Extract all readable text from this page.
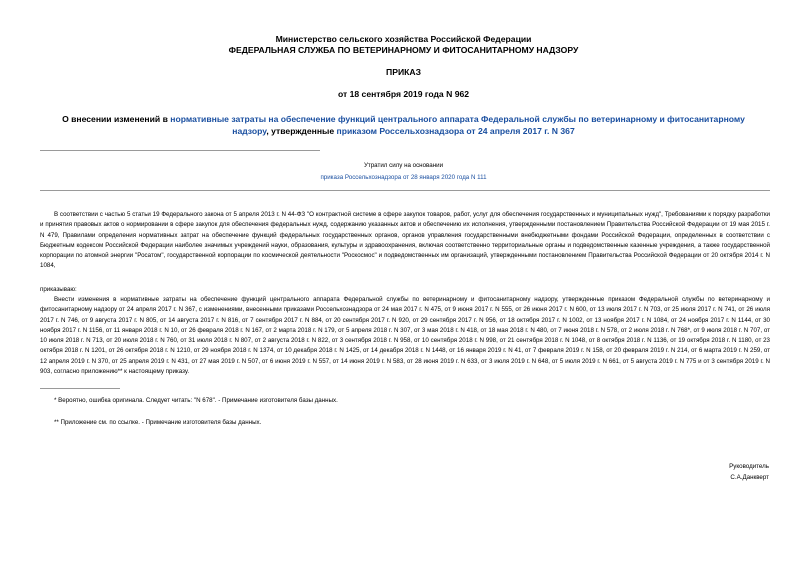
Министерство сельского хозяйства Российской Федерации
ФЕДЕРАЛЬНАЯ СЛУЖБА ПО ВЕТЕРИНАРНОМУ И ФИТОСАНИТАРНОМУ НАДЗОРУ
ПРИКАЗ
от 18 сентября 2019 года N 962
О внесении изменений в нормативные затраты на обеспечение функций центрального аппарата Федеральной службы по ветеринарному и фитосанитарному надзору, утвержденные приказом Россельхознадзора от 24 апреля 2017 г. N 367
Утратил силу на основании
приказа Россельхознадзора от 28 января 2020 года N 111
В соответствии с частью 5 статьи 19 Федерального закона от 5 апреля 2013 г. N 44-ФЗ "О контрактной системе в сфере закупок товаров, работ, услуг для обеспечения государственных и муниципальных нужд", Требованиями к порядку разработки и принятия правовых актов о нормировании в сфере закупок для обеспечения федеральных нужд, содержанию указанных актов и обеспечению их исполнения, утвержденными постановлением Правительства Российской Федерации от 19 мая 2015 г. N 479, Правилами определения нормативных затрат на обеспечение функций федеральных государственных органов, органов управления государственными внебюджетными фондами Российской Федерации, определенных в соответствии с Бюджетным кодексом Российской Федерации наиболее значимых учреждений науки, образования, культуры и здравоохранения, включая соответственно территориальные органы и подведомственные казенные учреждения, а также государственной корпорации по атомной энергии "Росатом", государственной корпорации по космической деятельности "Роскосмос" и подведомственных им организаций, утвержденными постановлением Правительства Российской Федерации от 20 октября 2014 г. N 1084,
приказываю:
Внести изменения в нормативные затраты на обеспечение функций центрального аппарата Федеральной службы по ветеринарному и фитосанитарному надзору, утвержденные приказом Федеральной службы по ветеринарному и фитосанитарному надзору от 24 апреля 2017 г. N 367, с изменениями, внесенными приказами Россельхознадзора от 24 мая 2017 г. N 475, от 9 июня 2017 г. N 555, от 26 июня 2017 г. N 600, от 13 июля 2017 г. N 703, от 25 июля 2017 г. N 741, от 26 июля 2017 г. N 746, от 9 августа 2017 г. N 805, от 14 августа 2017 г. N 816, от 7 сентября 2017 г. N 884, от 20 сентября 2017 г. N 920, от 29 сентября 2017 г. N 956, от 18 октября 2017 г. N 1002, от 13 ноября 2017 г. N 1084, от 24 ноября 2017 г. N 1144, от 30 ноября 2017 г. N 1156, от 11 января 2018 г. N 10, от 26 февраля 2018 г. N 167, от 2 марта 2018 г. N 179, от 5 апреля 2018 г. N 307, от 3 мая 2018 г. N 418, от 18 мая 2018 г. N 480, от 7 июня 2018 г. N 578, от 2 июля 2018 г. N 768*, от 9 июля 2018 г. N 707, от 10 июля 2018 г. N 713, от 20 июля 2018 г. N 760, от 31 июля 2018 г. N 807, от 2 августа 2018 г. N 822, от 3 сентября 2018 г. N 958, от 10 сентября 2018 г. N 998, от 21 сентября 2018 г. N 1048, от 8 октября 2018 г. N 1136, от 19 октября 2018 г. N 1180, от 23 октября 2018 г. N 1201, от 26 октября 2018 г. N 1210, от 29 ноября 2018 г. N 1374, от 10 декабря 2018 г. N 1425, от 14 декабря 2018 г. N 1448, от 16 января 2019 г. N 41, от 7 февраля 2019 г. N 158, от 20 февраля 2019 г. N 214, от 6 марта 2019 г. N 259, от 12 апреля 2019 г. N 370, от 25 апреля 2019 г. N 431, от 27 мая 2019 г. N 507, от 6 июня 2019 г. N 557, от 14 июня 2019 г. N 583, от 28 июня 2019 г. N 633, от 3 июля 2019 г. N 648, от 5 июля 2019 г. N 661, от 5 августа 2019 г. N 775 и от 3 сентября 2019 г. N 903, согласно приложению** к настоящему приказу.
* Вероятно, ошибка оригинала. Следует читать: "N 678". - Примечание изготовителя базы данных.
** Приложение см. по ссылке. - Примечание изготовителя базы данных.
Руководитель
С.А.Данкверт
